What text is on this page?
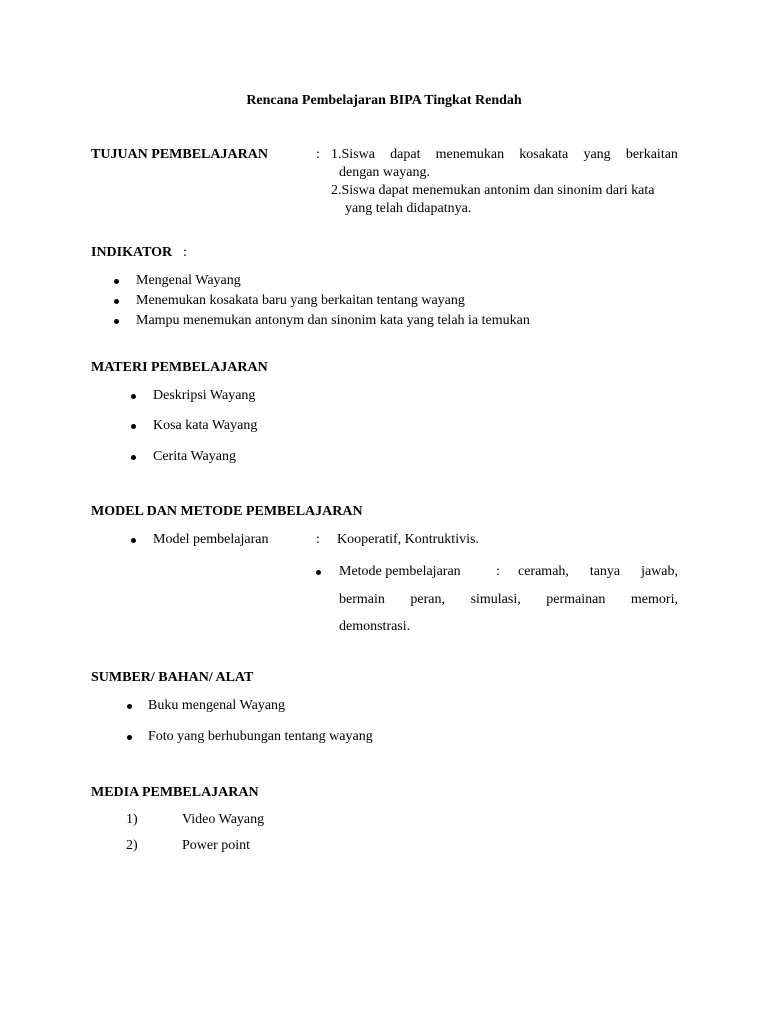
Rencana Pembelajaran BIPA Tingkat Rendah
TUJUAN PEMBELAJARAN	: 1.Siswa dapat menemukan kosakata yang berkaitan
dengan wayang.
2.Siswa dapat menemukan antonim dan sinonim dari kata
yang telah didapatnya.
INDIKATOR :
Mengenal Wayang
Menemukan kosakata baru yang berkaitan tentang wayang
Mampu menemukan antonym dan sinonim kata yang telah ia temukan
MATERI PEMBELAJARAN
Deskripsi Wayang
Kosa kata Wayang
Cerita Wayang
MODEL DAN METODE PEMBELAJARAN
Model pembelajaran	: Kooperatif, Kontruktivis.
Metode pembelajaran	: ceramah, tanya jawab,
bermain peran, simulasi, permainan memori,
demonstrasi.
SUMBER/ BAHAN/ ALAT
Buku mengenal Wayang
Foto yang berhubungan tentang wayang
MEDIA PEMBELAJARAN
1)	Video Wayang
2)	Power point
